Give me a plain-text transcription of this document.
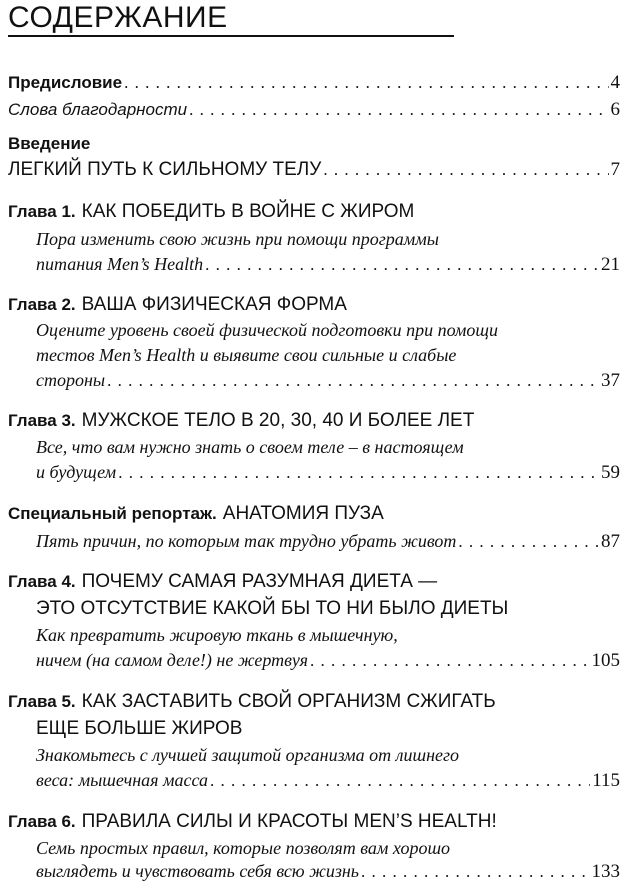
СОДЕРЖАНИЕ
Предисловие . . .	4
Слова благодарности . . .	6
Введение
ЛЕГКИЙ ПУТЬ К СИЛЬНОМУ ТЕЛУ . . .	7
Глава 1. КАК ПОБЕДИТЬ В ВОЙНЕ С ЖИРОМ
Пора изменить свою жизнь при помощи программы
питания Men’s Health . . .	21
Глава 2. ВАША ФИЗИЧЕСКАЯ ФОРМА
Оцените уровень своей физической подготовки при помощи
тестов Men’s Health и выявите свои сильные и слабые
стороны . . .	37
Глава 3. МУЖСКОЕ ТЕЛО В 20, 30, 40 И БОЛЕЕ ЛЕТ
Все, что вам нужно знать о своем теле – в настоящем
и будущем . . .	59
Специальный репортаж. АНАТОМИЯ ПУЗА
Пять причин, по которым так трудно убрать живот . . .	87
Глава 4. ПОЧЕМУ САМАЯ РАЗУМНАЯ ДИЕТА —
ЭТО ОТСУТСТВИЕ КАКОЙ БЫ ТО НИ БЫЛО ДИЕТЫ
Как превратить жировую ткань в мышечную,
ничем (на самом деле!) не жертвуя . . .	105
Глава 5. КАК ЗАСТАВИТЬ СВОЙ ОРГАНИЗМ СЖИГАТЬ
ЕЩЕ БОЛЬШЕ ЖИРОВ
Знакомьтесь с лучшей защитой организма от лишнего
веса: мышечная масса . . .	115
Глава 6. ПРАВИЛА СИЛЫ И КРАСОТЫ MEN’S HEALTH!
Семь простых правил, которые позволят вам хорошо
выглядеть и чувствовать себя всю жизнь . . .	133
